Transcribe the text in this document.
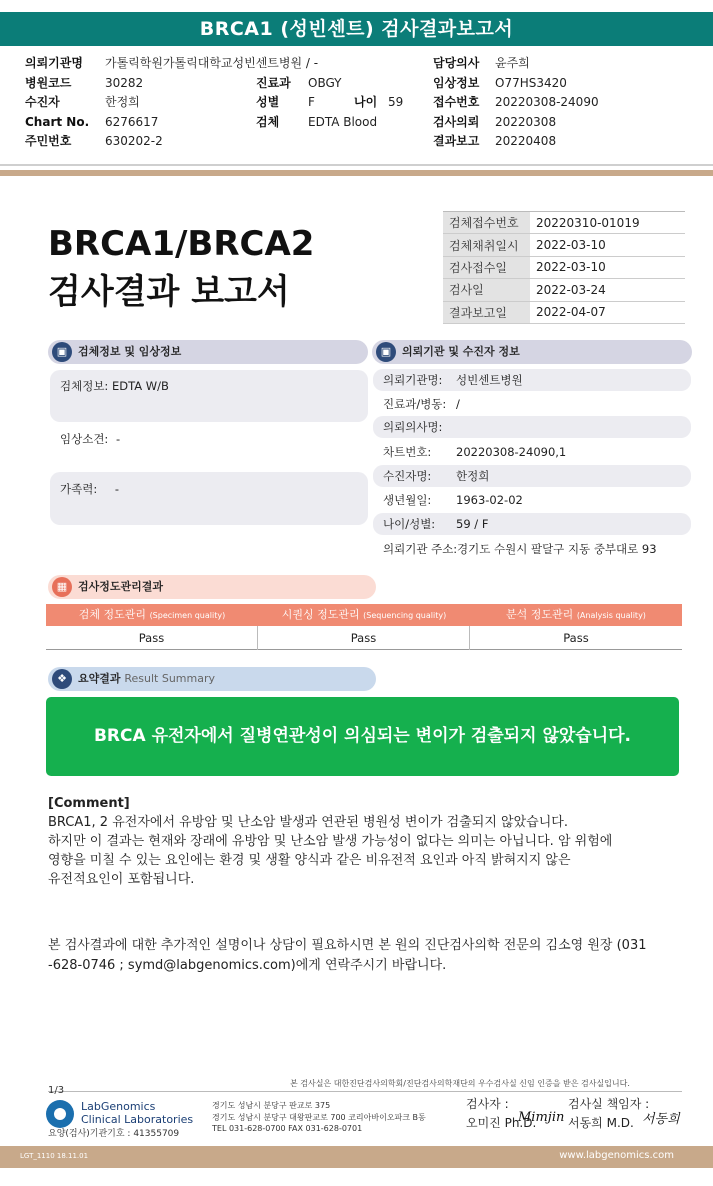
BRCA1 (성빈센트) 검사결과보고서
의뢰기관명 가톨릭학원가톨릭대학교성빈센트병원 / -
병원코드	30282
수진자	한정희
Chart No. 6276617
주민번호	630202-2
진료과 OBGY
성별 F	나이 59
검체 EDTA Blood
담당의사 윤주희
임상정보 O77HS3420
접수번호 20220308-24090
검사의뢰 20220308
결과보고 20220408
BRCA1/BRCA2
검사결과 보고서
검체접수번호	20220310-01019
검체채취일시	2022-03-10
검사접수일	2022-03-10
검사일	2022-03-24
결과보고일	2022-04-07
▣ 검체정보 및 임상정보
검체정보: EDTA W/B
임상소견: -
가족력: -
▣ 의뢰기관 및 수진자 정보
의뢰기관명: 성빈센트병원
진료과/병동: /
의뢰의사명:
차트번호: 20220308-24090,1
수진자명: 한정희
생년월일: 1963-02-02
나이/성별: 59 / F
의뢰기관 주소: 경기도 수원시 팔달구 지동 중부대로 93
▦ 검사정도관리결과
검체 정도관리 (Specimen quality)	시퀀싱 정도관리 (Sequencing quality)	분석 정도관리 (Analysis quality)
Pass	Pass	Pass
❖	요약결과 Result Summary
BRCA 유전자에서 질병연관성이 의심되는 변이가 검출되지 않았습니다.
[Comment]
BRCA1, 2 유전자에서 유방암 및 난소암 발생과 연관된 병원성 변이가 검출되지 않았습니다.
하지만 이 결과는 현재와 장래에 유방암 및 난소암 발생 가능성이 없다는 의미는 아닙니다. 암 위험에
영향을 미칠 수 있는 요인에는 환경 및 생활 양식과 같은 비유전적 요인과 아직 밝혀지지 않은
유전적요인이 포함됩니다.
본 검사결과에 대한 추가적인 설명이나 상담이 필요하시면 본 원의 진단검사의학 전문의 김소영 원장 (031
-628-0746 ; symd@labgenomics.com)에게 연락주시기 바랍니다.
본 검사실은 대한진단검사의학회/진단검사의학재단의 우수검사실 신임 인증을 받은 검사실입니다.
1/3
LabGenomics
Clinical Laboratories
요양(검사)기관기호 : 41355709
경기도 성남시 분당구 판교로 375
경기도 성남시 분당구 대왕판교로 700 코리아바이오파크 B동
TEL 031-628-0700 FAX 031-628-0701
검사자 :
오미진 Ph.D.
Mimjin
검사실 책임자 :
서동희 M.D. 서동희
LGT_1110 18.11.01	www.labgenomics.com
